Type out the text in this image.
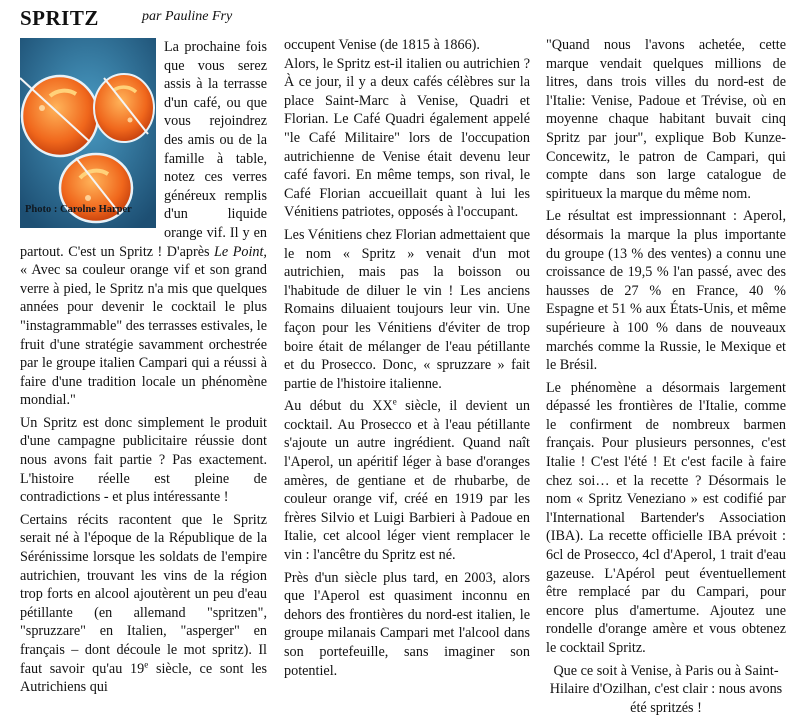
SPRITZ	par Pauline Fry
Photo : Carolne Harper

La prochaine fois que vous serez assis à la terrasse d'un café, ou que vous rejoindrez des amis ou de la famille à table, notez ces verres généreux remplis d'un liquide orange vif. Il y en partout. C'est un Spritz ! D'après Le Point, « Avec sa couleur orange vif et son grand verre à pied, le Spritz n'a mis que quelques années pour devenir le cocktail le plus "instagrammable" des terrasses estivales, le fruit d'une stratégie savamment orchestrée par le groupe italien Campari qui a réussi à faire d'une tradition locale un phénomène mondial."

Un Spritz est donc simplement le produit d'une campagne publicitaire réussie dont nous avons fait partie ? Pas exactement. L'histoire réelle est pleine de contradictions - et plus intéressante !

Certains récits racontent que le Spritz serait né à l'époque de la République de la Sérénissime lorsque les soldats de l'empire autrichien, trouvant les vins de la région trop forts en alcool ajoutèrent un peu d'eau pétillante (en allemand "spritzen", "spruzzare" en Italien, "asperger" en français – dont découle le mot spritz). Il faut savoir qu'au 19e siècle, ce sont les Autrichiens qui

occupent Venise (de 1815 à 1866).

Alors, le Spritz est-il italien ou autrichien ? À ce jour, il y a deux cafés célèbres sur la place Saint-Marc à Venise, Quadri et Florian. Le Café Quadri également appelé "le Café Militaire" lors de l'occupation autrichienne de Venise était devenu leur café favori. En même temps, son rival, le Café Florian accueillait quant à lui les Vénitiens patriotes, opposés à l'occupant.

Les Vénitiens chez Florian admettaient que le nom « Spritz » venait d'un mot autrichien, mais pas la boisson ou l'habitude de diluer le vin ! Les anciens Romains diluaient toujours leur vin. Une façon pour les Vénitiens d'éviter de trop boire était de mélanger de l'eau pétillante et du Prosecco. Donc, « spruzzare » fait partie de l'histoire italienne.

Au début du XXe siècle, il devient un cocktail. Au Prosecco et à l'eau pétillante s'ajoute un autre ingrédient. Quand naît l'Aperol, un apéritif léger à base d'oranges amères, de gentiane et de rhubarbe, de couleur orange vif, créé en 1919 par les frères Silvio et Luigi Barbieri à Padoue en Italie, cet alcool léger vient remplacer le vin : l'ancêtre du Spritz est né.

Près d'un siècle plus tard, en 2003, alors que l'Aperol est quasiment inconnu en dehors des frontières du nord-est italien, le groupe milanais Campari met l'alcool dans son portefeuille, sans imaginer son potentiel.

"Quand nous l'avons achetée, cette marque vendait quelques millions de litres, dans trois villes du nord-est de l'Italie: Venise, Padoue et Trévise, où en moyenne chaque habitant buvait cinq Spritz par jour", explique Bob Kunze-Concewitz, le patron de Campari, qui compte dans son large catalogue de spiritueux la marque du même nom.

Le résultat est impressionnant : Aperol, désormais la marque la plus importante du groupe (13 % des ventes) a connu une croissance de 19,5 % l'an passé, avec des hausses de 27 % en France, 40 % Espagne et 51 % aux États-Unis, et même supérieure à 100 % dans de nouveaux marchés comme la Russie, le Mexique et le Brésil.

Le phénomène a désormais largement dépassé les frontières de l'Italie, comme le confirment de nombreux barmen français. Pour plusieurs personnes, c'est Italie ! C'est l'été ! Et c'est facile à faire chez soi… et la recette ? Désormais le nom « Spritz Veneziano » est codifié par l'International Bartender's Association (IBA). La recette officielle IBA prévoit : 6cl de Prosecco, 4cl d'Aperol, 1 trait d'eau gazeuse. L'Apérol peut éventuellement être remplacé par du Campari, pour encore plus d'amertume. Ajoutez une rondelle d'orange amère et vous obtenez le cocktail Spritz.

Que ce soit à Venise, à Paris ou à Saint-Hilaire d'Ozilhan, c'est clair : nous avons été spritzés !
